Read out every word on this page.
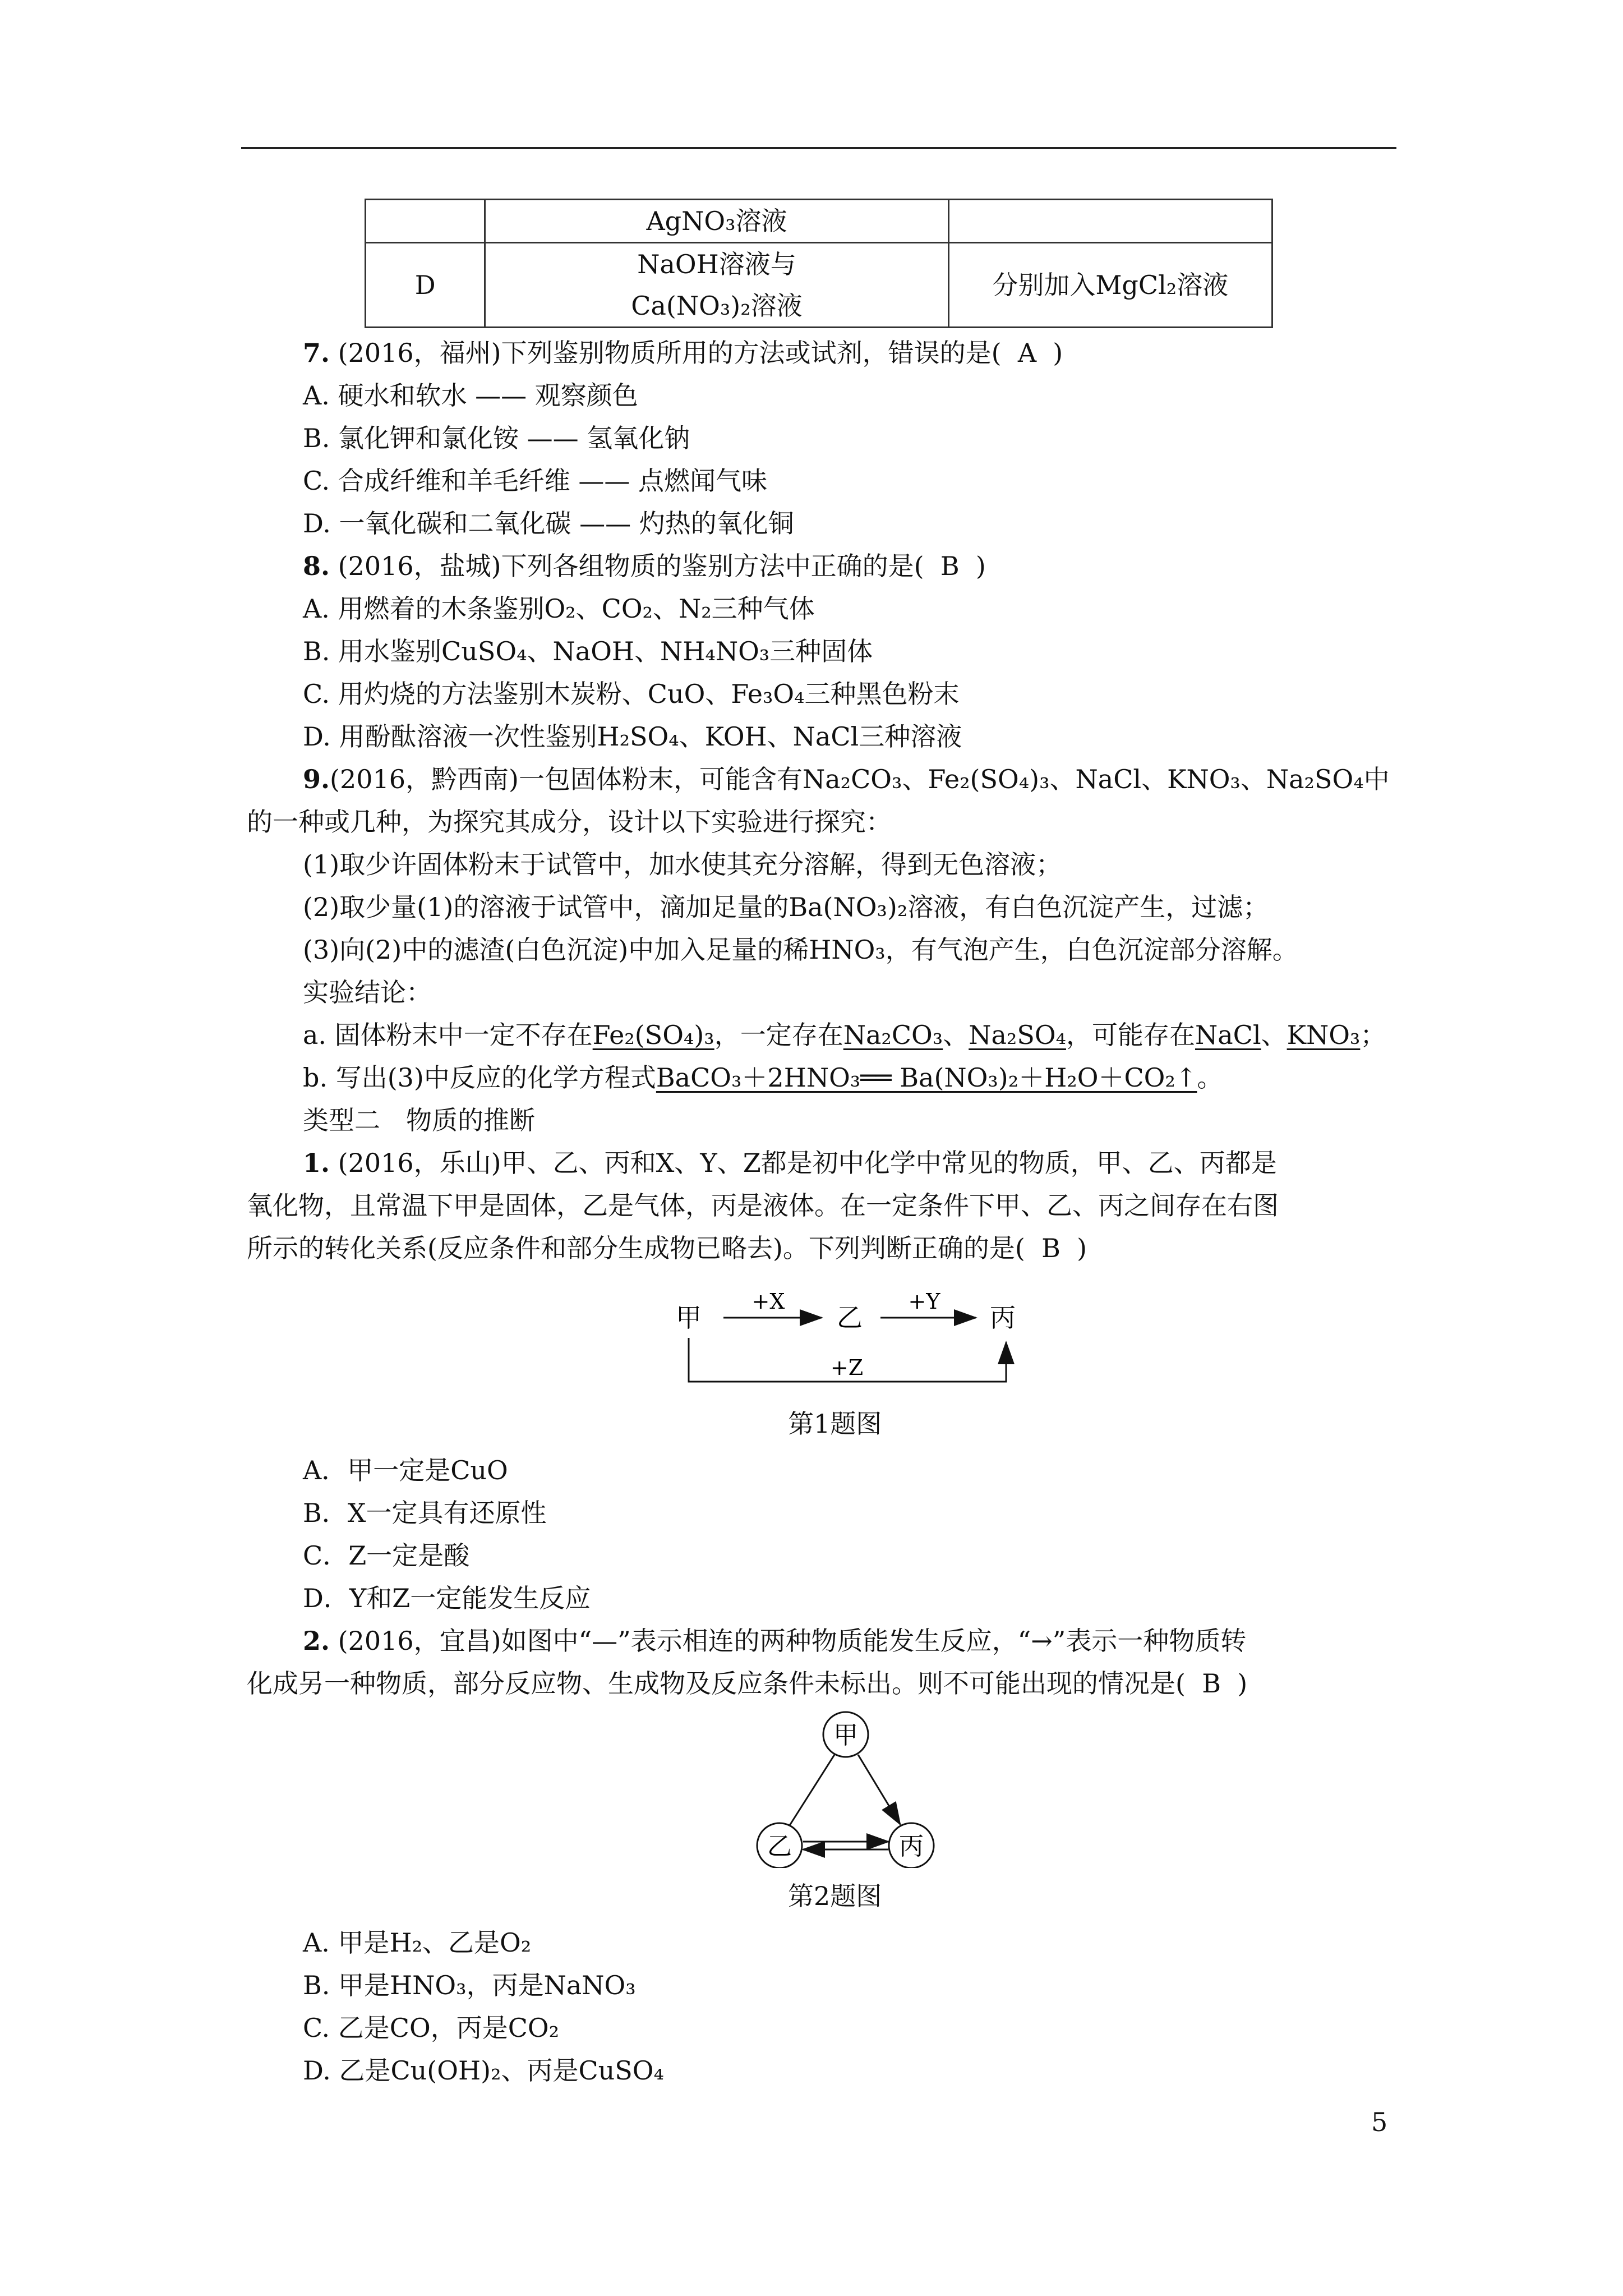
	AgNO₃溶液	
D	NaOH溶液与
Ca(NO₃)₂溶液	分别加入MgCl₂溶液
7. (2016，福州)下列鉴别物质所用的方法或试剂，错误的是( A )
A. 硬水和软水 —— 观察颜色
B. 氯化钾和氯化铵 —— 氢氧化钠
C. 合成纤维和羊毛纤维 —— 点燃闻气味
D. 一氧化碳和二氧化碳 —— 灼热的氧化铜
8. (2016，盐城)下列各组物质的鉴别方法中正确的是( B )
A. 用燃着的木条鉴别O₂、CO₂、N₂三种气体
B. 用水鉴别CuSO₄、NaOH、NH₄NO₃三种固体
C. 用灼烧的方法鉴别木炭粉、CuO、Fe₃O₄三种黑色粉末
D. 用酚酞溶液一次性鉴别H₂SO₄、KOH、NaCl三种溶液
9.(2016，黔西南)一包固体粉末，可能含有Na₂CO₃、Fe₂(SO₄)₃、NaCl、KNO₃、Na₂SO₄中
的一种或几种，为探究其成分，设计以下实验进行探究：
(1)取少许固体粉末于试管中，加水使其充分溶解，得到无色溶液；
(2)取少量(1)的溶液于试管中，滴加足量的Ba(NO₃)₂溶液，有白色沉淀产生，过滤；
(3)向(2)中的滤渣(白色沉淀)中加入足量的稀HNO₃，有气泡产生，白色沉淀部分溶解。
实验结论：
a. 固体粉末中一定不存在Fe₂(SO₄)₃，一定存在Na₂CO₃、Na₂SO₄，可能存在NaCl、KNO₃；
b. 写出(3)中反应的化学方程式BaCO₃＋2HNO₃══ Ba(NO₃)₂＋H₂O＋CO₂↑。
类型二　物质的推断
1. (2016，乐山)甲、乙、丙和X、Y、Z都是初中化学中常见的物质，甲、乙、丙都是
氧化物，且常温下甲是固体，乙是气体，丙是液体。在一定条件下甲、乙、丙之间存在右图
所示的转化关系(反应条件和部分生成物已略去)。下列判断正确的是( B )
甲	乙	丙
+X	+Y
+Z
第1题图
A．甲一定是CuO
B．X一定具有还原性
C．Z一定是酸
D．Y和Z一定能发生反应
2. (2016，宜昌)如图中“—”表示相连的两种物质能发生反应，“→”表示一种物质转
化成另一种物质，部分反应物、生成物及反应条件未标出。则不可能出现的情况是( B )
甲
乙	丙
第2题图
A. 甲是H₂、乙是O₂
B. 甲是HNO₃，丙是NaNO₃
C. 乙是CO，丙是CO₂
D. 乙是Cu(OH)₂、丙是CuSO₄
5
